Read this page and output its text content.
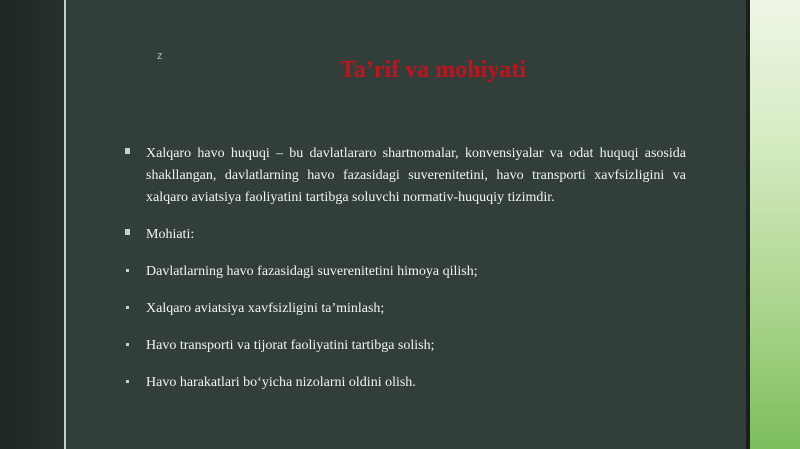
z
Ta’rif va mohiyati
Xalqaro havo huquqi – bu davlatlararo shartnomalar, konvensiyalar va odat huquqi asosida shakllangan, davlatlarning havo fazasidagi suverenitetini, havo transporti xavfsizligini va xalqaro aviatsiya faoliyatini tartibga soluvchi normativ-huquqiy tizimdir.
Mohiati:
Davlatlarning havo fazasidagi suverenitetini himoya qilish;
Xalqaro aviatsiya xavfsizligini ta’minlash;
Havo transporti va tijorat faoliyatini tartibga solish;
Havo harakatlari bo‘yicha nizolarni oldini olish.
